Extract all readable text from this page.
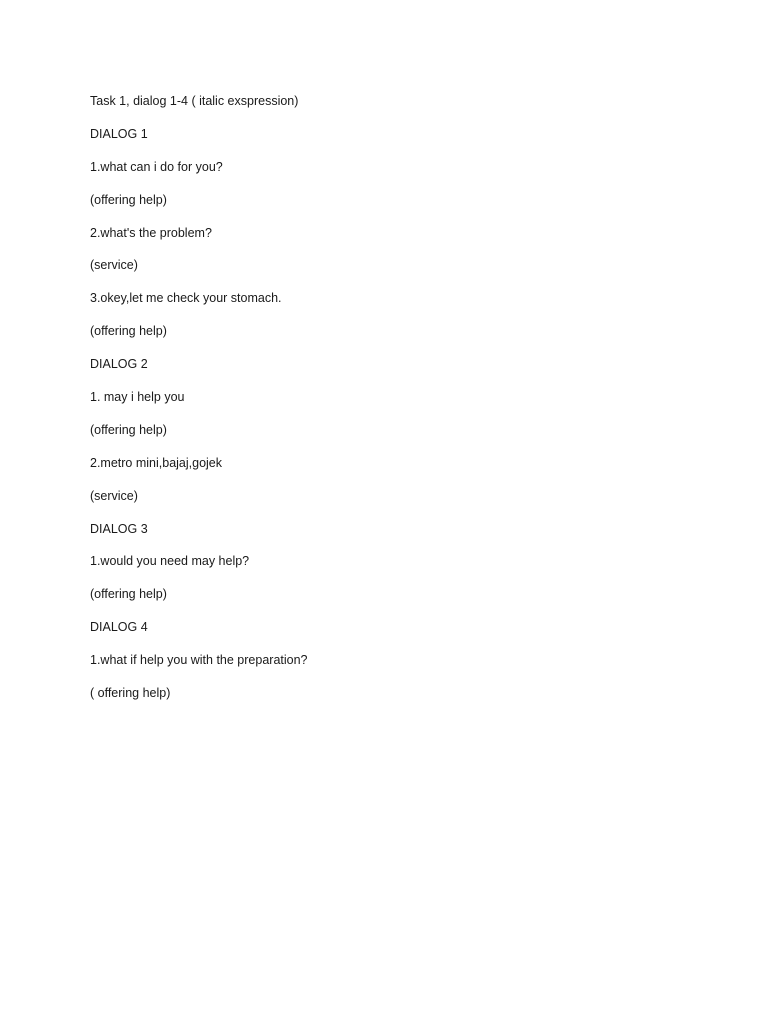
Task 1, dialog 1-4 ( italic exspression)
DIALOG 1
1.what can i do for you?
(offering help)
2.what's the problem?
(service)
3.okey,let me check your stomach.
(offering help)
DIALOG 2
1. may i help you
(offering help)
2.metro mini,bajaj,gojek
(service)
DIALOG 3
1.would you need may help?
(offering help)
DIALOG 4
1.what if help you with the preparation?
( offering help)
